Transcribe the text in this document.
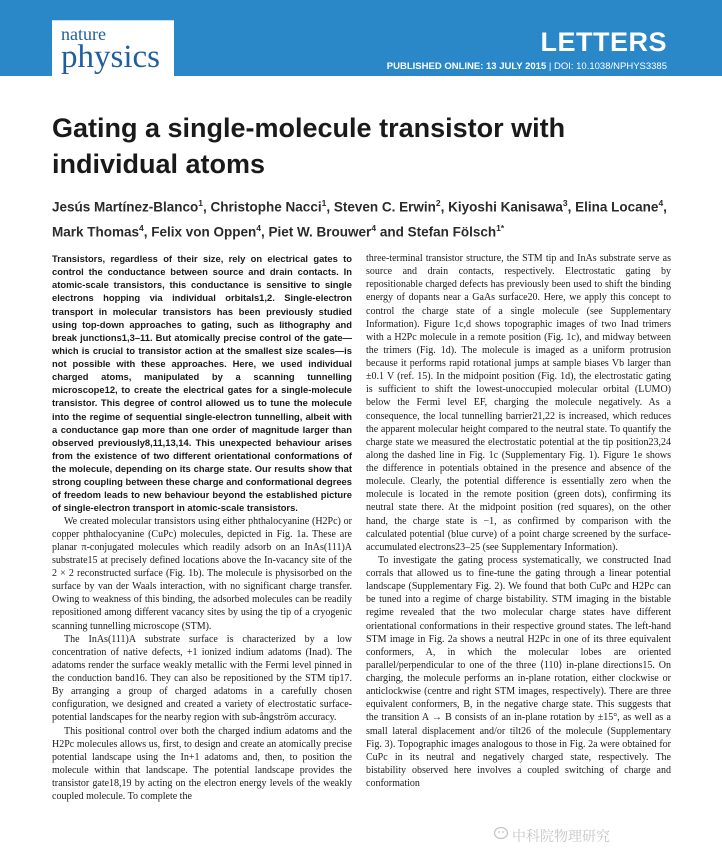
nature
physics	LETTERS
PUBLISHED ONLINE: 13 JULY 2015 | DOI: 10.1038/NPHYS3385
Gating a single-molecule transistor with individual atoms

Jesús Martínez-Blanco$^1$, Christophe Nacci$^1$, Steven C. Erwin$^2$, Kiyoshi Kanisawa$^3$, Elina Locane$^4$, Mark Thomas$^4$, Felix von Oppen$^4$, Piet W. Brouwer$^4$ and Stefan Fölsch$^{1*}$

Transistors, regardless of their size, rely on electrical gates to control the conductance between source and drain contacts. In atomic-scale transistors, this conductance is sensitive to single electrons hopping via individual orbitals1,2. Single-electron transport in molecular transistors has been previously studied using top-down approaches to gating, such as lithography and break junctions1,3–11. But atomically precise control of the gate—which is crucial to transistor action at the smallest size scales—is not possible with these approaches. Here, we used individual charged atoms, manipulated by a scanning tunnelling microscope12, to create the electrical gates for a single-molecule transistor. This degree of control allowed us to tune the molecule into the regime of sequential single-electron tunnelling, albeit with a conductance gap more than one order of magnitude larger than observed previously8,11,13,14. This unexpected behaviour arises from the existence of two different orientational conformations of the molecule, depending on its charge state. Our results show that strong coupling between these charge and conformational degrees of freedom leads to new behaviour beyond the established picture of single-electron transport in atomic-scale transistors.

We created molecular transistors using either phthalocyanine (H2Pc) or copper phthalocyanine (CuPc) molecules, depicted in Fig. 1a. These are planar π-conjugated molecules which readily adsorb on an InAs(111)A substrate15 at precisely defined locations above the In-vacancy site of the 2 × 2 reconstructed surface (Fig. 1b). The molecule is physisorbed on the surface by van der Waals interaction, with no significant charge transfer. Owing to weakness of this binding, the adsorbed molecules can be readily repositioned among different vacancy sites by using the tip of a cryogenic scanning tunnelling microscope (STM).

The InAs(111)A substrate surface is characterized by a low concentration of native defects, +1 ionized indium adatoms (Inad). The adatoms render the surface weakly metallic with the Fermi level pinned in the conduction band16. They can also be repositioned by the STM tip17. By arranging a group of charged adatoms in a carefully chosen configuration, we designed and created a variety of electrostatic surface-potential landscapes for the nearby region with sub-ångström accuracy.

This positional control over both the charged indium adatoms and the H2Pc molecules allows us, first, to design and create an atomically precise potential landscape using the In+1 adatoms and, then, to position the molecule within that landscape. The potential landscape provides the transistor gate18,19 by acting on the electron energy levels of the weakly coupled molecule. To complete the

three-terminal transistor structure, the STM tip and InAs substrate serve as source and drain contacts, respectively. Electrostatic gating by repositionable charged defects has previously been used to shift the binding energy of dopants near a GaAs surface20. Here, we apply this concept to control the charge state of a single molecule (see Supplementary Information). Figure 1c,d shows topographic images of two Inad trimers with a H2Pc molecule in a remote position (Fig. 1c), and midway between the trimers (Fig. 1d). The molecule is imaged as a uniform protrusion because it performs rapid rotational jumps at sample biases Vb larger than ±0.1 V (ref. 15). In the midpoint position (Fig. 1d), the electrostatic gating is sufficient to shift the lowest-unoccupied molecular orbital (LUMO) below the Fermi level EF, charging the molecule negatively. As a consequence, the local tunnelling barrier21,22 is increased, which reduces the apparent molecular height compared to the neutral state. To quantify the charge state we measured the electrostatic potential at the tip position23,24 along the dashed line in Fig. 1c (Supplementary Fig. 1). Figure 1e shows the difference in potentials obtained in the presence and absence of the molecule. Clearly, the potential difference is essentially zero when the molecule is located in the remote position (green dots), confirming its neutral state there. At the midpoint position (red squares), on the other hand, the charge state is −1, as confirmed by comparison with the calculated potential (blue curve) of a point charge screened by the surface-accumulated electrons23–25 (see Supplementary Information).

To investigate the gating process systematically, we constructed Inad corrals that allowed us to fine-tune the gating through a linear potential landscape (Supplementary Fig. 2). We found that both CuPc and H2Pc can be tuned into a regime of charge bistability. STM imaging in the bistable regime revealed that the two molecular charge states have different orientational conformations in their respective ground states. The left-hand STM image in Fig. 2a shows a neutral H2Pc in one of its three equivalent conformers, A, in which the molecular lobes are oriented parallel/perpendicular to one of the three ⟨110⟩ in-plane directions15. On charging, the molecule performs an in-plane rotation, either clockwise or anticlockwise (centre and right STM images, respectively). There are three equivalent conformers, B, in the negative charge state. This suggests that the transition A → B consists of an in-plane rotation by ±15°, as well as a small lateral displacement and/or tilt26 of the molecule (Supplementary Fig. 3). Topographic images analogous to those in Fig. 2a were obtained for CuPc in its neutral and negatively charged state, respectively. The bistability observed here involves a coupled switching of charge and conformation

中科院物理研究
